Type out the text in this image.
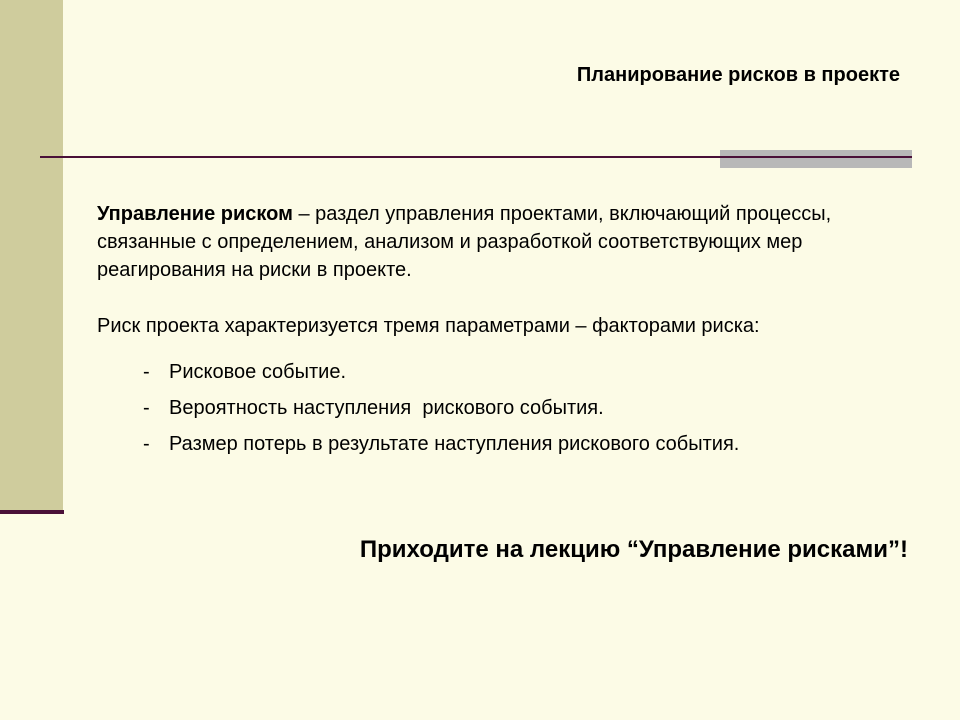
Планирование рисков в проекте

Управление риском – раздел управления проектами, включающий процессы, связанные с определением, анализом и разработкой соответствующих мер реагирования на риски в проекте.

Риск проекта характеризуется тремя параметрами – факторами риска:

- Рисковое событие.
- Вероятность наступления  рискового события.
- Размер потерь в результате наступления рискового события.
Приходите на лекцию “Управление рисками”!
